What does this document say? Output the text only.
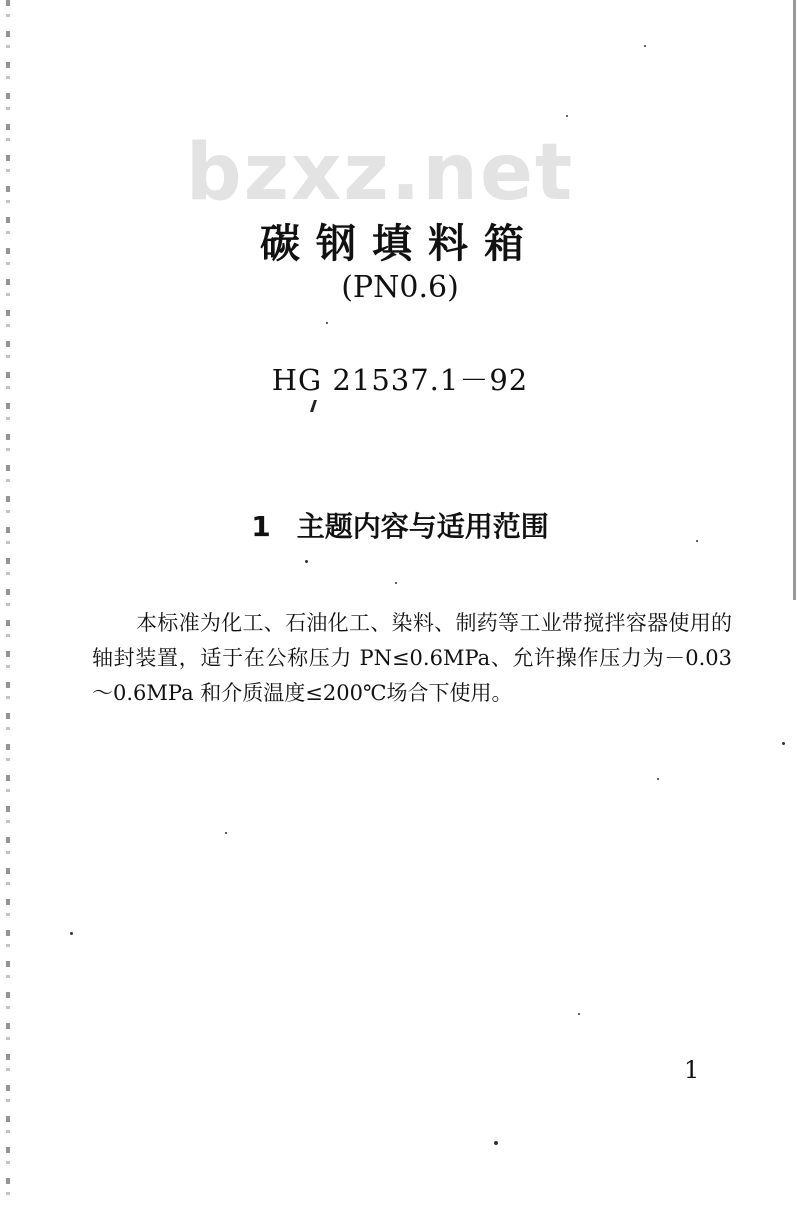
bzxz.net
碳钢填料箱
(PN0.6)
HG 21537.1－92
1 主题内容与适用范围

本标准为化工、石油化工、染料、制药等工业带搅拌容器使用的轴封装置，适于在公称压力 PN≤0.6MPa、允许操作压力为－0.03～0.6MPa 和介质温度≤200℃场合下使用。

1
